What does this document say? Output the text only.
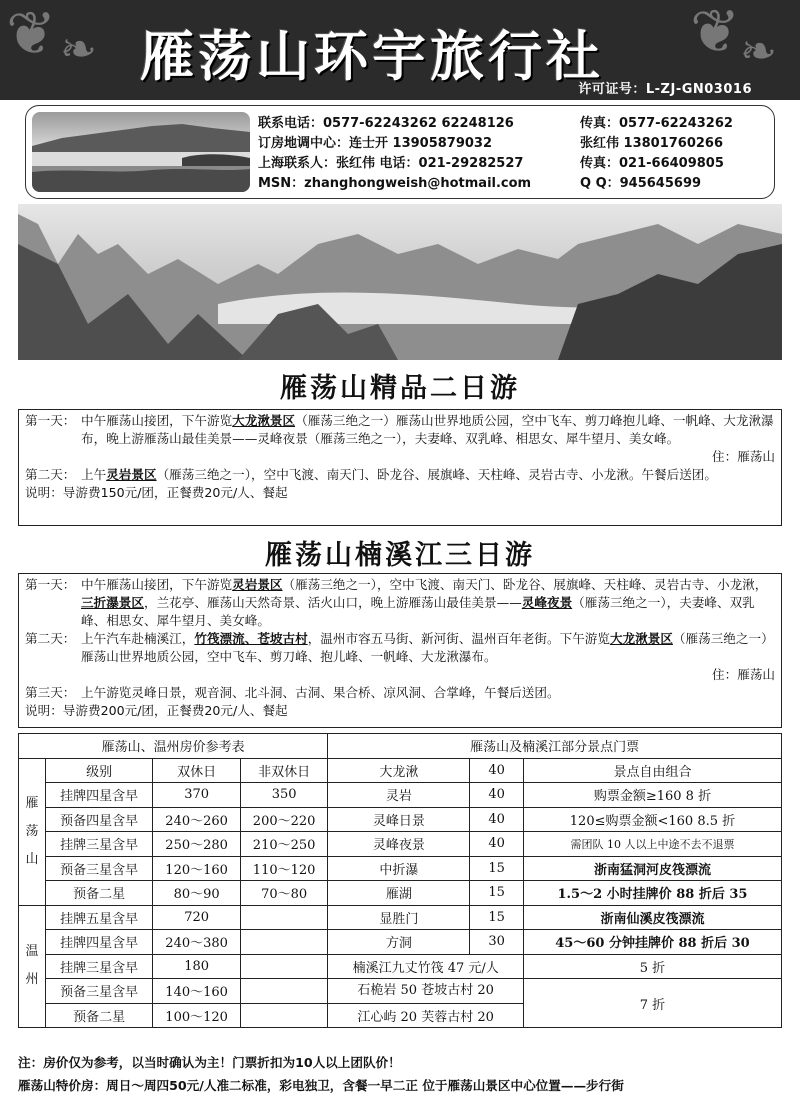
❦ ❧	❦ ❧
雁荡山环宇旅行社
许可证号：L-ZJ-GN03016
联系电话：0577-62243262 62248126	传真：0577-62243262
订房地调中心：连士开 13905879032	张红伟 13801760266
上海联系人：张红伟 电话：021-29282527	传真：021-66409805
MSN：zhanghongweish@hotmail.com	Q Q：945645699
雁荡山精品二日游
第一天： 中午雁荡山接团，下午游览大龙湫景区（雁荡三绝之一）雁荡山世界地质公园，空中飞车、剪刀峰抱儿峰、一帆峰、大龙湫瀑布，晚上游雁荡山最佳美景——灵峰夜景（雁荡三绝之一），夫妻峰、双乳峰、相思女、犀牛望月、美女峰。
住：雁荡山
第二天： 上午灵岩景区（雁荡三绝之一），空中飞渡、南天门、卧龙谷、展旗峰、天柱峰、灵岩古寺、小龙湫。午餐后送团。
说明：导游费150元/团，正餐费20元/人、餐起
雁荡山楠溪江三日游
第一天： 中午雁荡山接团，下午游览灵岩景区（雁荡三绝之一），空中飞渡、南天门、卧龙谷、展旗峰、天柱峰、灵岩古寺、小龙湫，三折瀑景区，兰花亭、雁荡山天然奇景、活火山口，晚上游雁荡山最佳美景——灵峰夜景（雁荡三绝之一），夫妻峰、双乳峰、相思女、犀牛望月、美女峰。
第二天： 上午汽车赴楠溪江，竹筏漂流、苍坡古村，温州市容五马街、新河街、温州百年老街。下午游览大龙湫景区（雁荡三绝之一）雁荡山世界地质公园，空中飞车、剪刀峰、抱儿峰、一帆峰、大龙湫瀑布。
住：雁荡山
第三天： 上午游览灵峰日景，观音洞、北斗洞、古洞、果合桥、凉风洞、合掌峰，午餐后送团。
说明：导游费200元/团，正餐费20元/人、餐起
雁荡山、温州房价参考表				雁荡山及楠溪江部分景点门票		
雁荡山	级别	双休日	非双休日	大龙湫	40	景点自由组合
	挂牌四星含早	370	350	灵岩	40	购票金额≥160 8 折
	预备四星含早	240～260	200～220	灵峰日景	40	120≤购票金额<160 8.5 折
	挂牌三星含早	250～280	210～250	灵峰夜景	40	需团队 10 人以上中途不去不退票
	预备三星含早	120～160	110～120	中折瀑	15	浙南猛洞河皮筏漂流
	预备二星	80～90	70～80	雁湖	15	1.5～2 小时挂牌价 88 折后 35
温州	挂牌五星含早	720		显胜门	15	浙南仙溪皮筏漂流
	挂牌四星含早	240～380		方洞	30	45～60 分钟挂牌价 88 折后 30
	挂牌三星含早	180		楠溪江九丈竹筏 47 元/人		5 折
	预备三星含早	140～160		石桅岩 50 苍坡古村 20		7 折
	预备二星	100～120		江心屿 20 芙蓉古村 20		
注：房价仅为参考，以当时确认为主！门票折扣为10人以上团队价！
雁荡山特价房：周日～周四50元/人准二标准，彩电独卫，含餐一早二正 位于雁荡山景区中心位置——步行街
